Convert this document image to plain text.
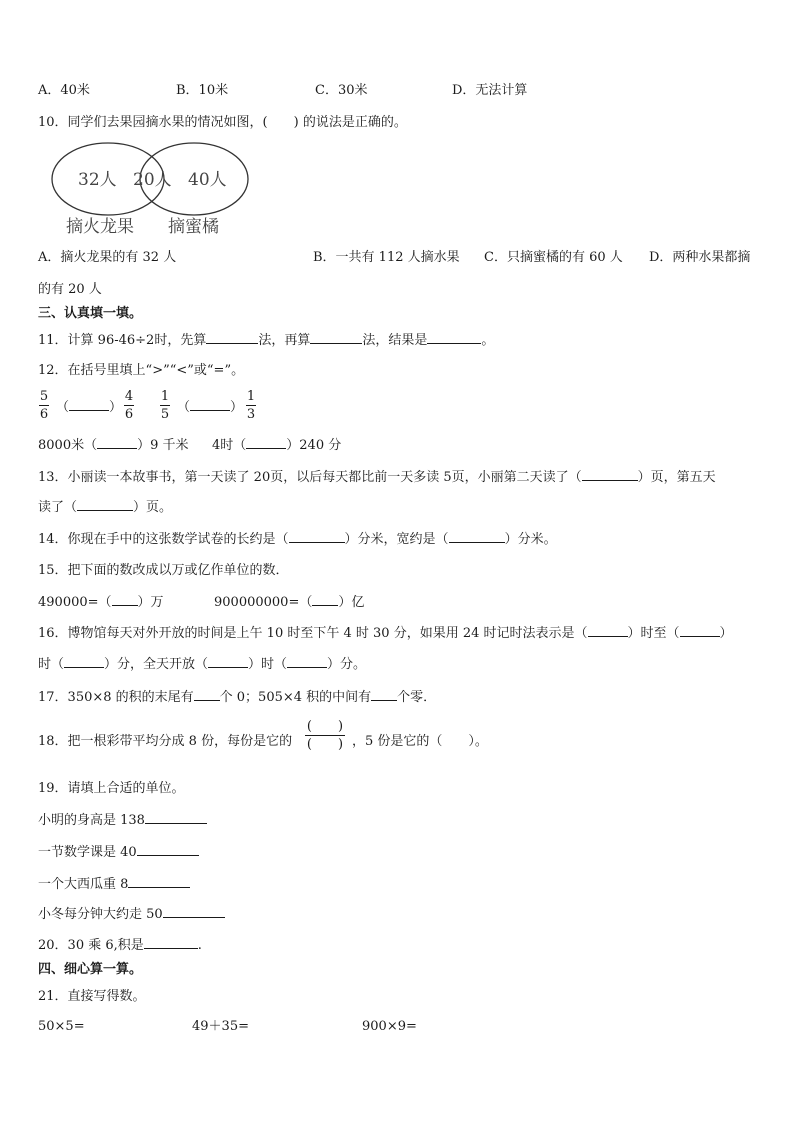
A．40米	B．10米	C．30米	D．无法计算
10．同学们去果园摘水果的情况如图，(　　) 的说法是正确的。
32人 20人 40人
摘火龙果 摘蜜橘
A．摘火龙果的有 32 人	B．一共有 112 人摘水果 C．只摘蜜橘的有 60 人 D．两种水果都摘
的有 20 人
三、认真填一填。
11．计算 96-46÷2时，先算	法，再算	法，结果是	。
12．在括号里填上“>”“<”或“=”。
5
6 （	）
4
6
1
5 （	）
1
3
8000米（	）9 千米 4时（	）240 分
13．小丽读一本故事书，第一天读了 20页，以后每天都比前一天多读 5页，小丽第二天读了（	）页，第五天
读了（	）页。
14．你现在手中的这张数学试卷的长约是（	）分米，宽约是（	）分米。
15．把下面的数改成以万或亿作单位的数．
490000=（ ）万	900000000=（ ）亿
16．博物馆每天对外开放的时间是上午 10 时至下午 4 时 30 分，如果用 24 时记时法表示是（	）时至（	）
时（	）分，全天开放（	）时（	）分。
17．350×8 的积的末尾有 个 0；505×4 积的中间有 个零．
18．把一根彩带平均分成 8 份，每份是它的
(　　)
(　　) ，5 份是它的（　　）。
19．请填上合适的单位。
小明的身高是 138
一节数学课是 40
一个大西瓜重 8
小冬每分钟大约走 50
20．30 乘 6,积是	.
四、细心算一算。
21．直接写得数。
50×5=	49＋35=	900×9=
